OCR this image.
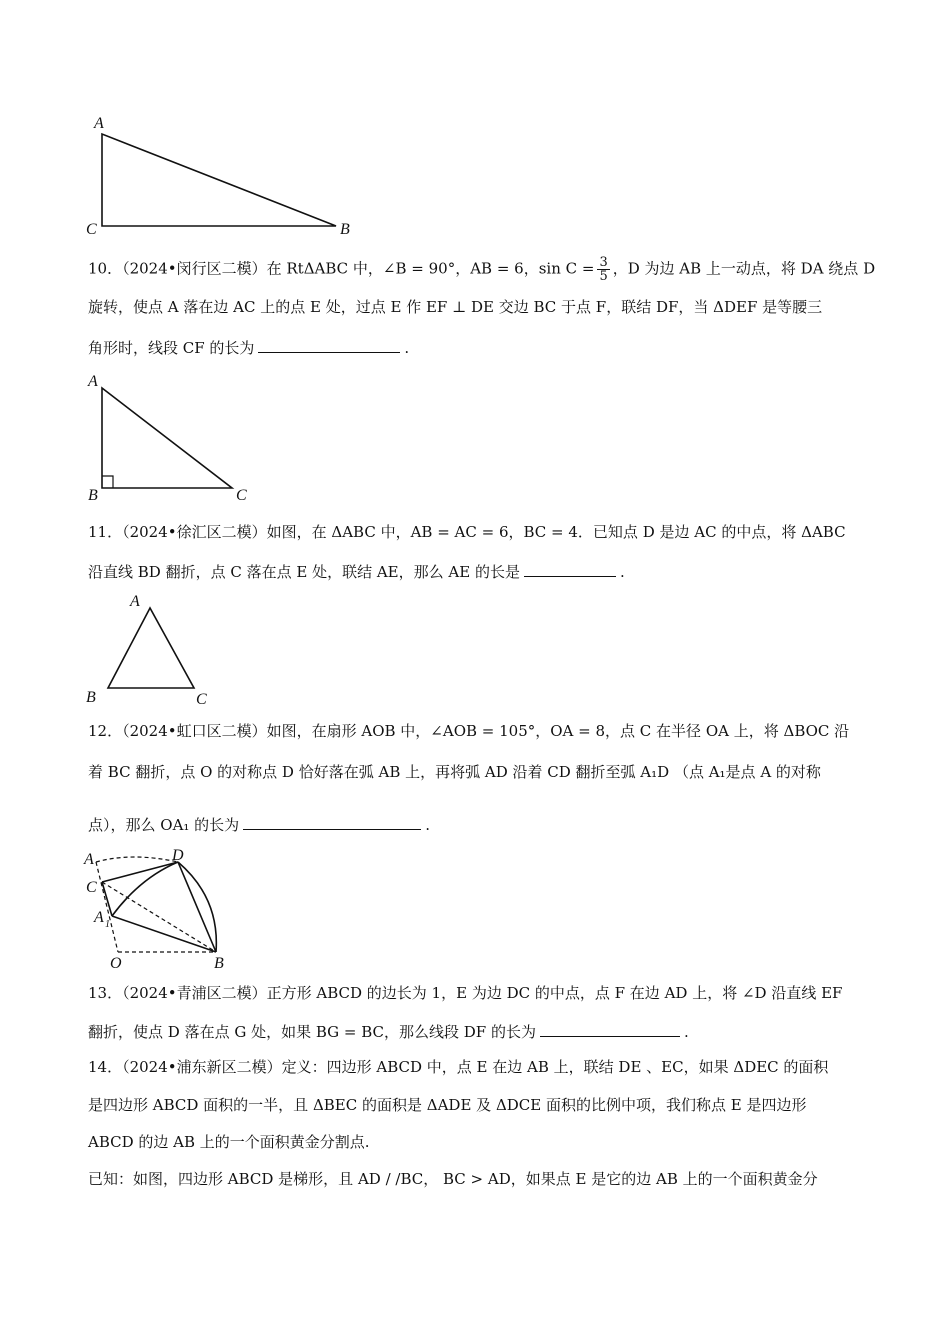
A
C	B
10．（2024•闵行区二模）在 RtΔABC 中，∠B = 90°，AB = 6，$\sin C = \frac{3}{5}$ ，D 为边 AB 上一动点，将 DA 绕点 D
旋转，使点 A 落在边 AC 上的点 E 处，过点 E 作 EF ⊥ DE 交边 BC 于点 F，联结 DF，当 ΔDEF 是等腰三
角形时，线段 CF 的长为	.
A
B	C
11．（2024•徐汇区二模）如图，在 ΔABC 中，AB = AC = 6，BC = 4．已知点 D 是边 AC 的中点，将 ΔABC
沿直线 BD 翻折，点 C 落在点 E 处，联结 AE，那么 AE 的长是	.
A
B	C
12．（2024•虹口区二模）如图，在扇形 AOB 中，∠AOB = 105°，OA = 8，点 C 在半径 OA 上，将 ΔBOC 沿
着 BC 翻折，点 O 的对称点 D 恰好落在弧 AB 上，再将弧 AD 沿着 CD 翻折至弧 A₁D （点 A₁是点 A 的对称
点），那么 OA₁ 的长为	.
A
C
A 1
D
O	B
13．（2024•青浦区二模）正方形 ABCD 的边长为 1，E 为边 DC 的中点，点 F 在边 AD 上，将 ∠D 沿直线 EF
翻折，使点 D 落在点 G 处，如果 BG = BC，那么线段 DF 的长为	.
14．（2024•浦东新区二模）定义：四边形 ABCD 中，点 E 在边 AB 上，联结 DE 、EC，如果 ΔDEC 的面积
是四边形 ABCD 面积的一半，且 ΔBEC 的面积是 ΔADE 及 ΔDCE 面积的比例中项，我们称点 E 是四边形
ABCD 的边 AB 上的一个面积黄金分割点.
已知：如图，四边形 ABCD 是梯形，且 AD / /BC， BC > AD，如果点 E 是它的边 AB 上的一个面积黄金分
